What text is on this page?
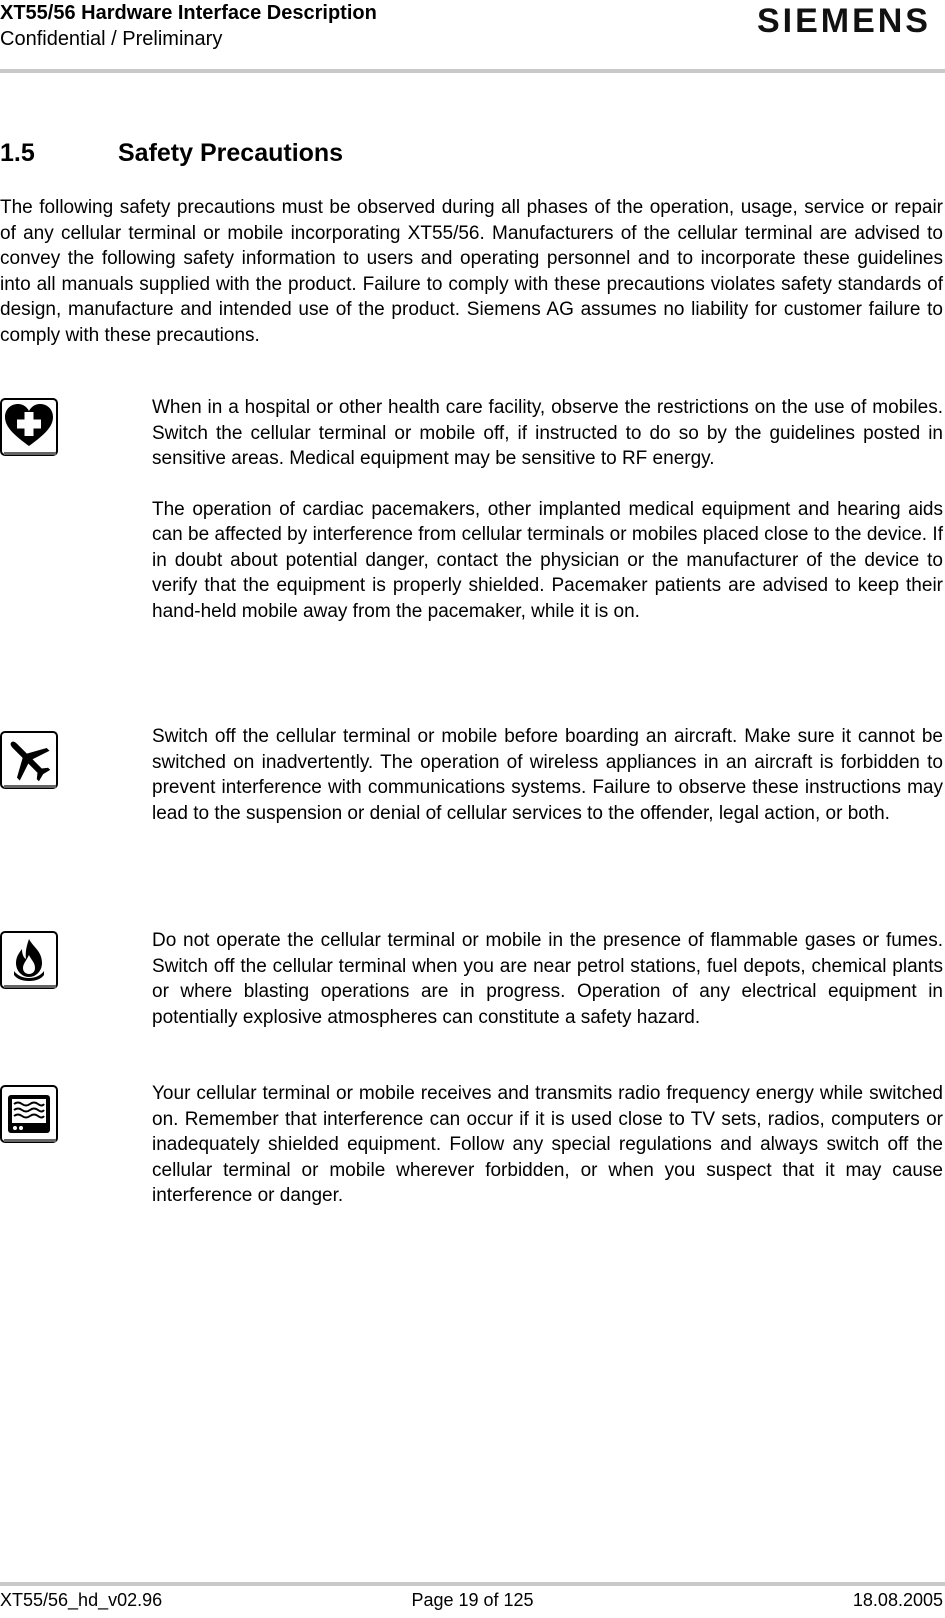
XT55/56 Hardware Interface Description
Confidential / Preliminary	SIEMENS
1.5	Safety Precautions
The following safety precautions must be observed during all phases of the operation, usage, service or repair of any cellular terminal or mobile incorporating XT55/56. Manufacturers of the cellular terminal are advised to convey the following safety information to users and operating personnel and to incorporate these guidelines into all manuals supplied with the product. Failure to comply with these precautions violates safety standards of design, manufacture and intended use of the product. Siemens AG assumes no liability for customer failure to comply with these precautions.

When in a hospital or other health care facility, observe the restrictions on the use of mobiles. Switch the cellular terminal or mobile off, if instructed to do so by the guidelines posted in sensitive areas. Medical equipment may be sensitive to RF energy.

The operation of cardiac pacemakers, other implanted medical equipment and hearing aids can be affected by interference from cellular terminals or mobiles placed close to the device. If in doubt about potential danger, contact the physician or the manufacturer of the device to verify that the equipment is properly shielded. Pacemaker patients are advised to keep their hand-held mobile away from the pacemaker, while it is on.

Switch off the cellular terminal or mobile before boarding an aircraft. Make sure it cannot be switched on inadvertently. The operation of wireless appliances in an aircraft is forbidden to prevent interference with communications systems. Failure to observe these instructions may lead to the suspension or denial of cellular services to the offender, legal action, or both.

Do not operate the cellular terminal or mobile in the presence of flammable gases or fumes. Switch off the cellular terminal when you are near petrol stations, fuel depots, chemical plants or where blasting operations are in progress. Operation of any electrical equipment in potentially explosive atmospheres can constitute a safety hazard.

Your cellular terminal or mobile receives and transmits radio frequency energy while switched on. Remember that interference can occur if it is used close to TV sets, radios, computers or inadequately shielded equipment. Follow any special regulations and always switch off the cellular terminal or mobile wherever forbidden, or when you suspect that it may cause interference or danger.

XT55/56_hd_v02.96	Page 19 of 125	18.08.2005
